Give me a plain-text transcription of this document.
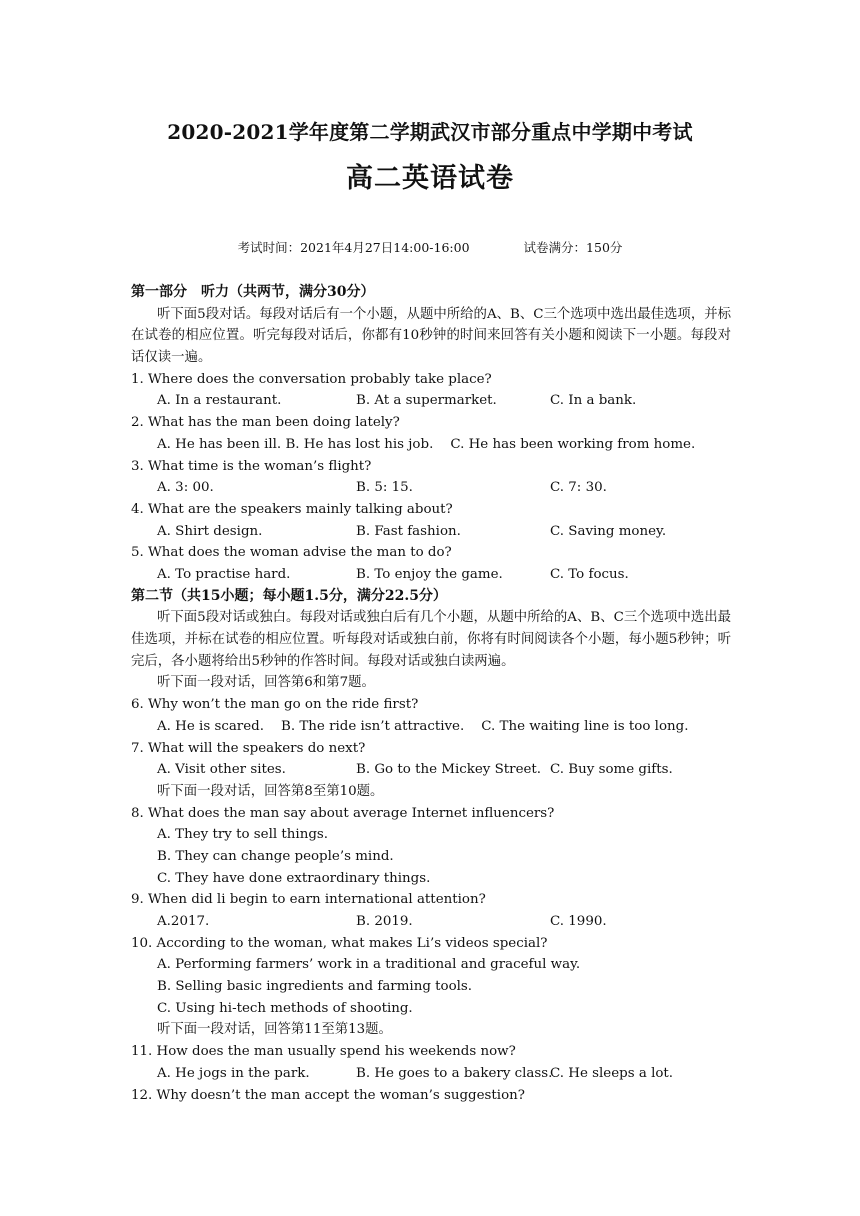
2020-2021学年度第二学期武汉市部分重点中学期中考试
高二英语试卷
考试时间：2021年4月27日14:00-16:00	试卷满分：150分
第一部分　听力（共两节，满分30分）
听下面5段对话。每段对话后有一个小题，从题中所给的A、B、C三个选项中选出最佳选项，并标在试卷的相应位置。听完每段对话后，你都有10秒钟的时间来回答有关小题和阅读下一小题。每段对话仅读一遍。
1. Where does the conversation probably take place?
A. In a restaurant.	B. At a supermarket.	C. In a bank.
2. What has the man been doing lately?
A. He has been ill. B. He has lost his job.    C. He has been working from home.
3. What time is the woman’s flight?
A. 3: 00.	B. 5: 15.	C. 7: 30.
4. What are the speakers mainly talking about?
A. Shirt design.	B. Fast fashion.	C. Saving money.
5. What does the woman advise the man to do?
A. To practise hard.	B. To enjoy the game.	C. To focus.
第二节（共15小题；每小题1.5分，满分22.5分）
听下面5段对话或独白。每段对话或独白后有几个小题，从题中所给的A、B、C三个选项中选出最佳选项，并标在试卷的相应位置。听每段对话或独白前，你将有时间阅读各个小题，每小题5秒钟；听完后，各小题将给出5秒钟的作答时间。每段对话或独白读两遍。
听下面一段对话，回答第6和第7题。
6. Why won’t the man go on the ride first?
A. He is scared.    B. The ride isn’t attractive.    C. The waiting line is too long.
7. What will the speakers do next?
A. Visit other sites.	B. Go to the Mickey Street. C. Buy some gifts.
听下面一段对话，回答第8至第10题。
8. What does the man say about average Internet influencers?
A. They try to sell things.
B. They can change people’s mind.
C. They have done extraordinary things.
9. When did li begin to earn international attention?
A.2017.	B. 2019.	C. 1990.
10. According to the woman, what makes Li’s videos special?
A. Performing farmers’ work in a traditional and graceful way.
B. Selling basic ingredients and farming tools.
C. Using hi-tech methods of shooting.
听下面一段对话，回答第11至第13题。
11. How does the man usually spend his weekends now?
A. He jogs in the park.	B. He goes to a bakery class.
C. He sleeps a lot.
12. Why doesn’t the man accept the woman’s suggestion?
